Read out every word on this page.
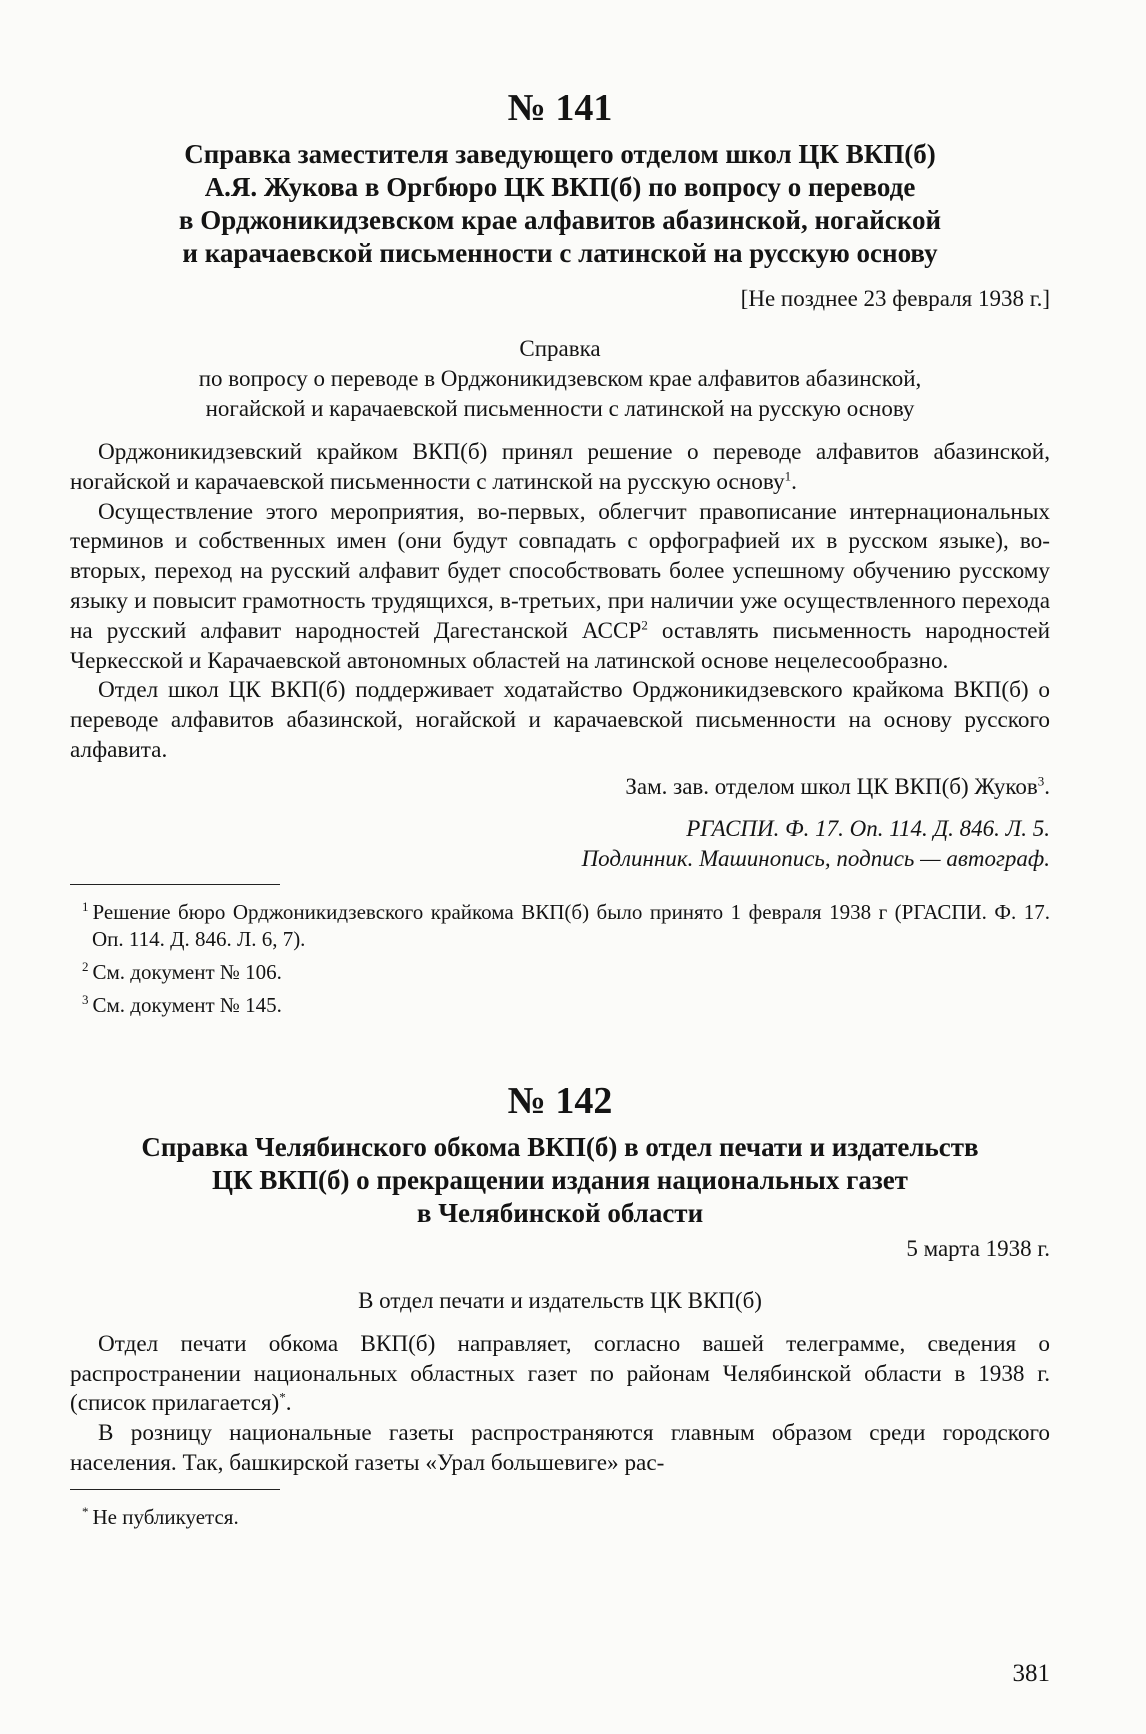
№ 141

Справка заместителя заведующего отделом школ ЦК ВКП(б)
А.Я. Жукова в Оргбюро ЦК ВКП(б) по вопросу о переводе
в Орджоникидзевском крае алфавитов абазинской, ногайской
и карачаевской письменности с латинской на русскую основу

[Не позднее 23 февраля 1938 г.]

Справка

по вопросу о переводе в Орджоникидзевском крае алфавитов абазинской,

ногайской и карачаевской письменности с латинской на русскую основу

Орджоникидзевский крайком ВКП(б) принял решение о переводе алфавитов абазинской, ногайской и карачаевской письменности с латинской на русскую основу$^1$.

Осуществление этого мероприятия, во-первых, облегчит правописание интернациональных терминов и собственных имен (они будут совпадать с орфографией их в русском языке), во-вторых, переход на русский алфавит будет способствовать более успешному обучению русскому языку и повысит грамотность трудящихся, в-третьих, при наличии уже осуществленного перехода на русский алфавит народностей Дагестанской АССР$^2$ оставлять письменность народностей Черкесской и Карачаевской автономных областей на латинской основе нецелесообразно.

Отдел школ ЦК ВКП(б) поддерживает ходатайство Орджоникидзевского крайкома ВКП(б) о переводе алфавитов абазинской, ногайской и карачаевской письменности на основу русского алфавита.

Зам. зав. отделом школ ЦК ВКП(б) Жуков$^3$.

РГАСПИ. Ф. 17. Оп. 114. Д. 846. Л. 5.

Подлинник. Машинопись, подпись — автограф.

$^1$ Решение бюро Орджоникидзевского крайкома ВКП(б) было принято 1 февраля 1938 г (РГАСПИ. Ф. 17. Оп. 114. Д. 846. Л. 6, 7).

$^2$ См. документ № 106.

$^3$ См. документ № 145.

№ 142

Справка Челябинского обкома ВКП(б) в отдел печати и издательств
ЦК ВКП(б) о прекращении издания национальных газет
в Челябинской области

5 марта 1938 г.

В отдел печати и издательств ЦК ВКП(б)

Отдел печати обкома ВКП(б) направляет, согласно вашей телеграмме, сведения о распространении национальных областных газет по районам Челябинской области в 1938 г. (список прилагается)*.

В розницу национальные газеты распространяются главным образом среди городского населения. Так, башкирской газеты «Урал большевиге» рас-

* Не публикуется.

381
